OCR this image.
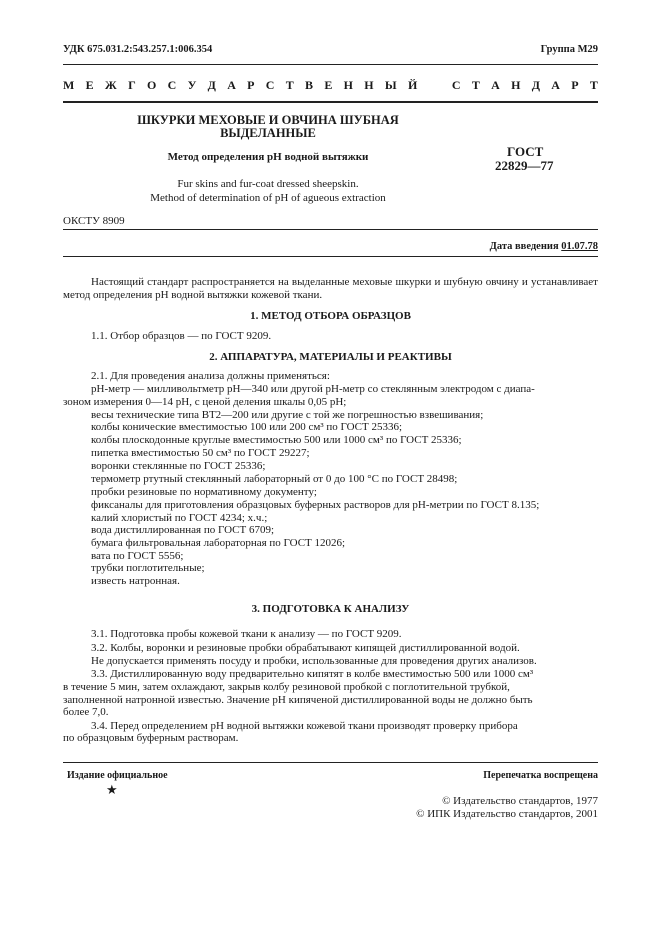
УДК 675.031.2:543.257.1:006.354	Группа М29
М Е Ж Г О С У Д А Р С Т В Е Н Н Ы Й	С Т А Н Д А Р Т
ШКУРКИ МЕХОВЫЕ И ОВЧИНА ШУБНАЯ
ВЫДЕЛАННЫЕ
Метод определения рН водной вытяжки	ГОСТ
22829—77
Fur skins and fur-coat dressed sheepskin.
Method of determination of pH of agueous extraction
ОКСТУ 8909
Дата введения 01.07.78
Настоящий стандарт распространяется на выделанные меховые шкурки и шубную овчину и устанавливает метод определения рН водной вытяжки кожевой ткани.
1. МЕТОД ОТБОРА ОБРАЗЦОВ
1.1. Отбор образцов — по ГОСТ 9209.
2. АППАРАТУРА, МАТЕРИАЛЫ И РЕАКТИВЫ
2.1. Для проведения анализа должны применяться:
рН-метр — милливольтметр рН—340 или другой рН-метр со стеклянным электродом с диапа-
зоном измерения 0—14 рН, с ценой деления шкалы 0,05 рН;
весы технические типа ВТ2—200 или другие с той же погрешностью взвешивания;
колбы конические вместимостью 100 или 200 см³ по ГОСТ 25336;
колбы плоскодонные круглые вместимостью 500 или 1000 см³ по ГОСТ 25336;
пипетка вместимостью 50 см³ по ГОСТ 29227;
воронки стеклянные по ГОСТ 25336;
термометр ртутный стеклянный лабораторный от 0 до 100 °С по ГОСТ 28498;
пробки резиновые по нормативному документу;
фиксаналы для приготовления образцовых буферных растворов для рН-метрии по ГОСТ 8.135;
калий хлористый по ГОСТ 4234; х.ч.;
вода дистиллированная по ГОСТ 6709;
бумага фильтровальная лабораторная по ГОСТ 12026;
вата по ГОСТ 5556;
трубки поглотительные;
известь натронная.
3. ПОДГОТОВКА К АНАЛИЗУ
3.1. Подготовка пробы кожевой ткани к анализу — по ГОСТ 9209.
3.2. Колбы, воронки и резиновые пробки обрабатывают кипящей дистиллированной водой.
Не допускается применять посуду и пробки, использованные для проведения других анализов.
3.3. Дистиллированную воду предварительно кипятят в колбе вместимостью 500 или 1000 см³
в течение 5 мин, затем охлаждают, закрыв колбу резиновой пробкой с поглотительной трубкой,
заполненной натронной известью. Значение рН кипяченой дистиллированной воды не должно быть
более 7,0.
3.4. Перед определением рН водной вытяжки кожевой ткани производят проверку прибора
по образцовым буферным растворам.
Издание официальное	Перепечатка воспрещена
★
© Издательство стандартов, 1977
© ИПК Издательство стандартов, 2001
